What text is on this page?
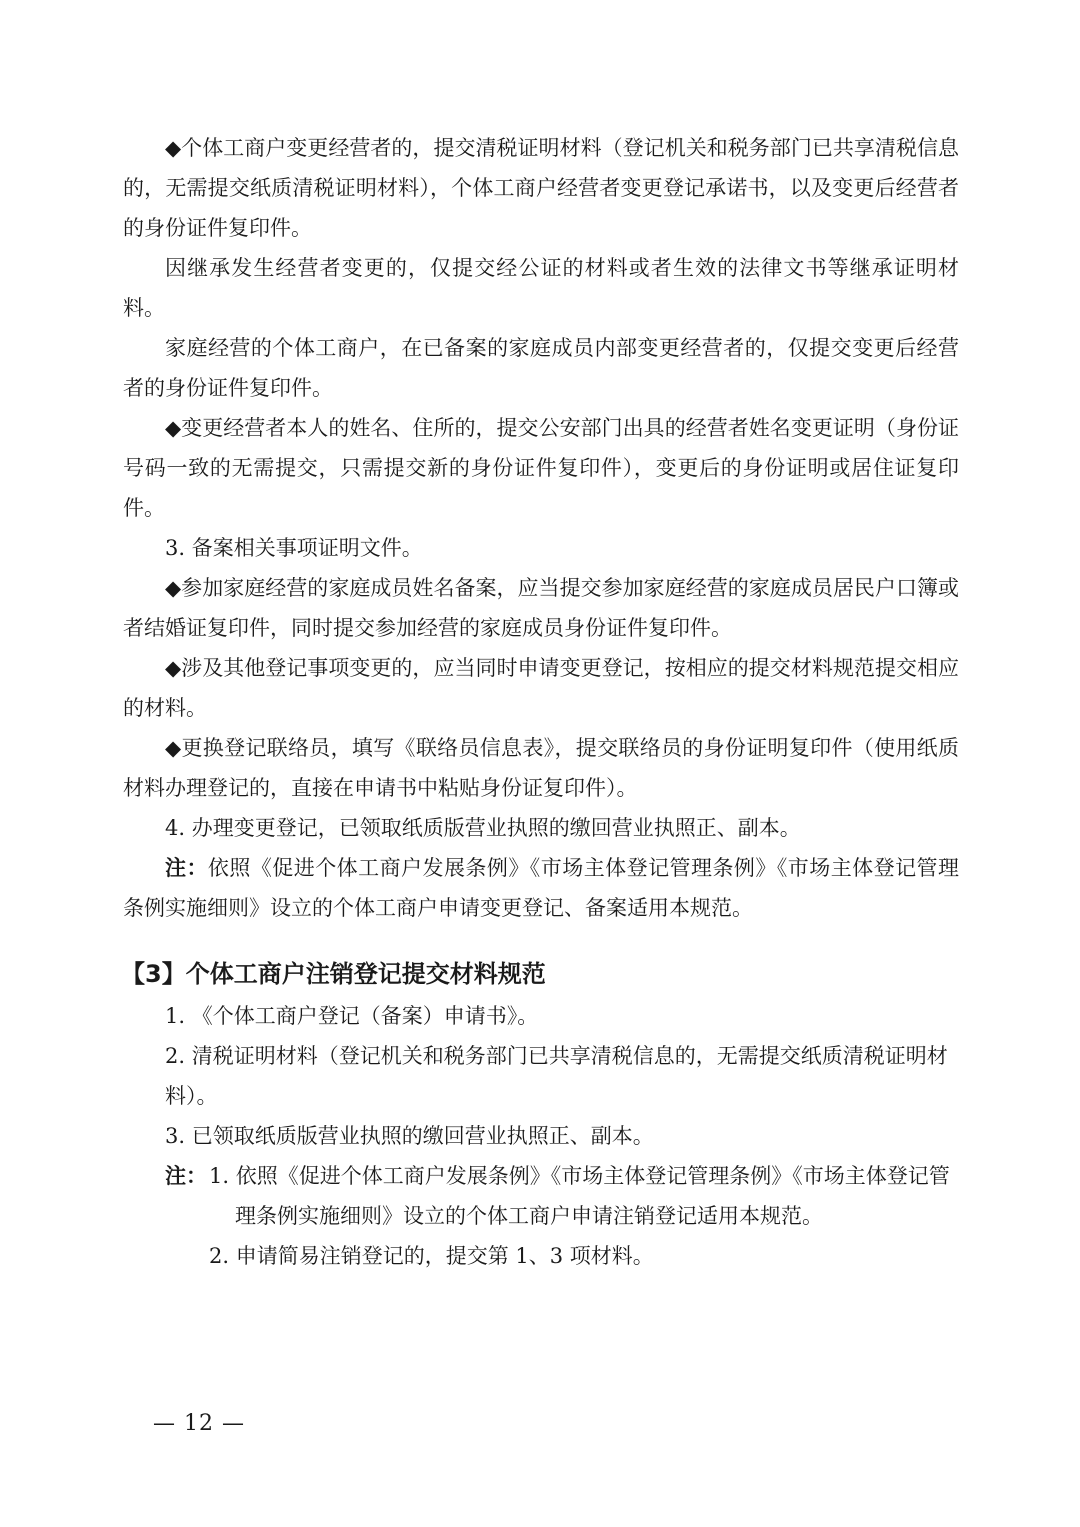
◆个体工商户变更经营者的，提交清税证明材料（登记机关和税务部门已共享清税信息的，无需提交纸质清税证明材料），个体工商户经营者变更登记承诺书，以及变更后经营者的身份证件复印件。

因继承发生经营者变更的，仅提交经公证的材料或者生效的法律文书等继承证明材料。

家庭经营的个体工商户，在已备案的家庭成员内部变更经营者的，仅提交变更后经营者的身份证件复印件。

◆变更经营者本人的姓名、住所的，提交公安部门出具的经营者姓名变更证明（身份证号码一致的无需提交，只需提交新的身份证件复印件），变更后的身份证明或居住证复印件。

3. 备案相关事项证明文件。

◆参加家庭经营的家庭成员姓名备案，应当提交参加家庭经营的家庭成员居民户口簿或者结婚证复印件，同时提交参加经营的家庭成员身份证件复印件。

◆涉及其他登记事项变更的，应当同时申请变更登记，按相应的提交材料规范提交相应的材料。

◆更换登记联络员，填写《联络员信息表》，提交联络员的身份证明复印件（使用纸质材料办理登记的，直接在申请书中粘贴身份证复印件）。

4. 办理变更登记，已领取纸质版营业执照的缴回营业执照正、副本。

注：依照《促进个体工商户发展条例》《市场主体登记管理条例》《市场主体登记管理条例实施细则》设立的个体工商户申请变更登记、备案适用本规范。

【3】个体工商户注销登记提交材料规范

1. 《个体工商户登记（备案）申请书》。

2. 清税证明材料（登记机关和税务部门已共享清税信息的，无需提交纸质清税证明材料）。

3. 已领取纸质版营业执照的缴回营业执照正、副本。

注： 1. 依照《促进个体工商户发展条例》《市场主体登记管理条例》《市场主体登记管理条例实施细则》设立的个体工商户申请注销登记适用本规范。

2. 申请简易注销登记的，提交第 1、3 项材料。

— 12 —
